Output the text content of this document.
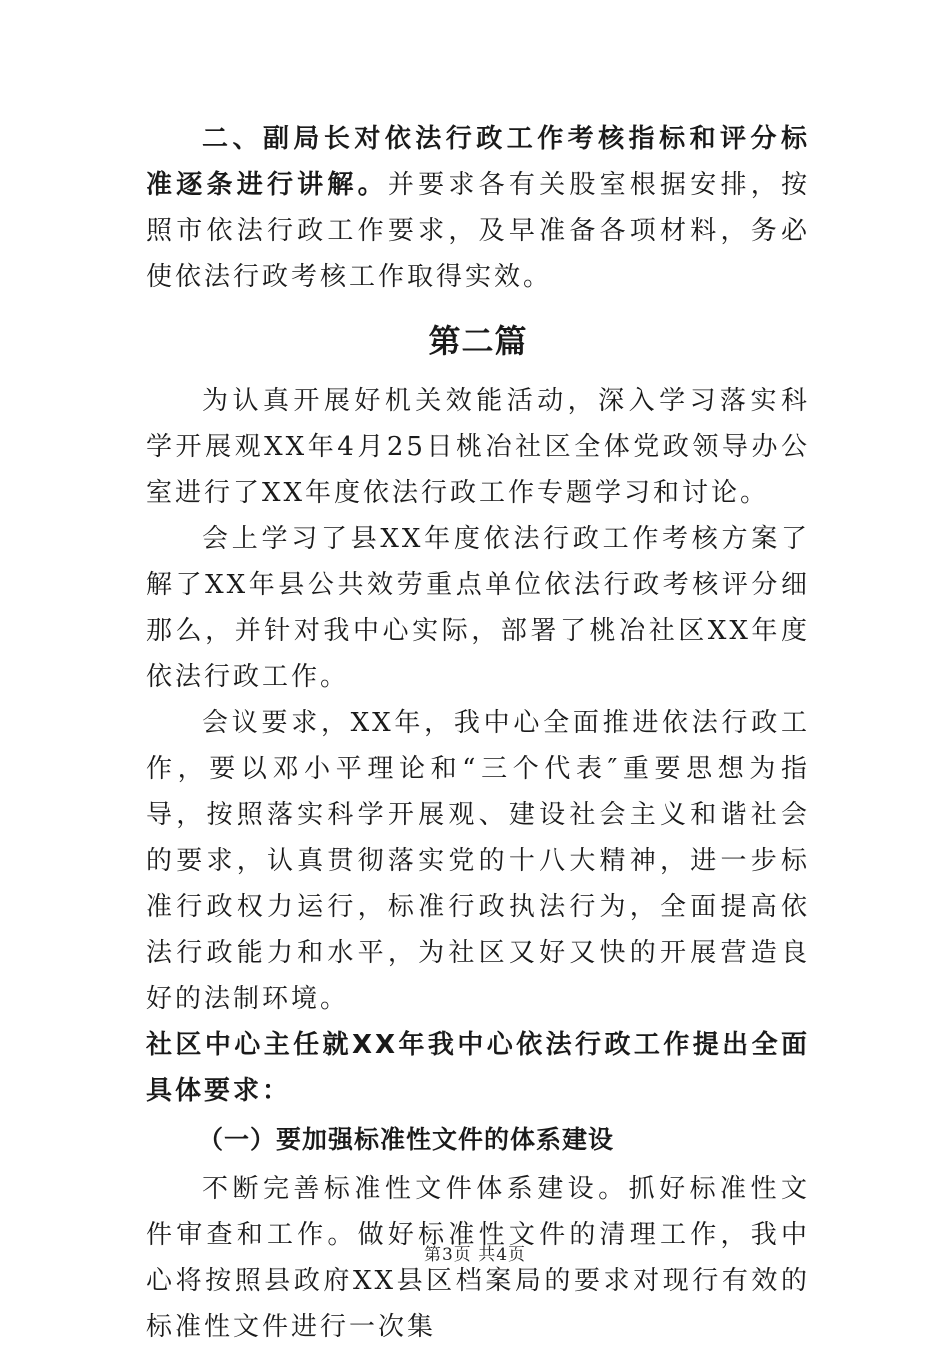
二、副局长对依法行政工作考核指标和评分标准逐条进行讲解。并要求各有关股室根据安排，按照市依法行政工作要求，及早准备各项材料，务必使依法行政考核工作取得实效。

第二篇

为认真开展好机关效能活动，深入学习落实科学开展观XX年4月25日桃冶社区全体党政领导办公室进行了XX年度依法行政工作专题学习和讨论。

会上学习了县XX年度依法行政工作考核方案了解了XX年县公共效劳重点单位依法行政考核评分细那么，并针对我中心实际，部署了桃冶社区XX年度依法行政工作。

会议要求，XX年，我中心全面推进依法行政工作，要以邓小平理论和“三个代表″重要思想为指导，按照落实科学开展观、建设社会主义和谐社会的要求，认真贯彻落实党的十八大精神，进一步标准行政权力运行，标准行政执法行为，全面提高依法行政能力和水平，为社区又好又快的开展营造良好的法制环境。

社区中心主任就XX年我中心依法行政工作提出全面具体要求：

（一）要加强标准性文件的体系建设

不断完善标准性文件体系建设。抓好标准性文件审查和工作。做好标准性文件的清理工作，我中心将按照县政府XX县区档案局的要求对现行有效的标准性文件进行一次集

第3页 共4页
